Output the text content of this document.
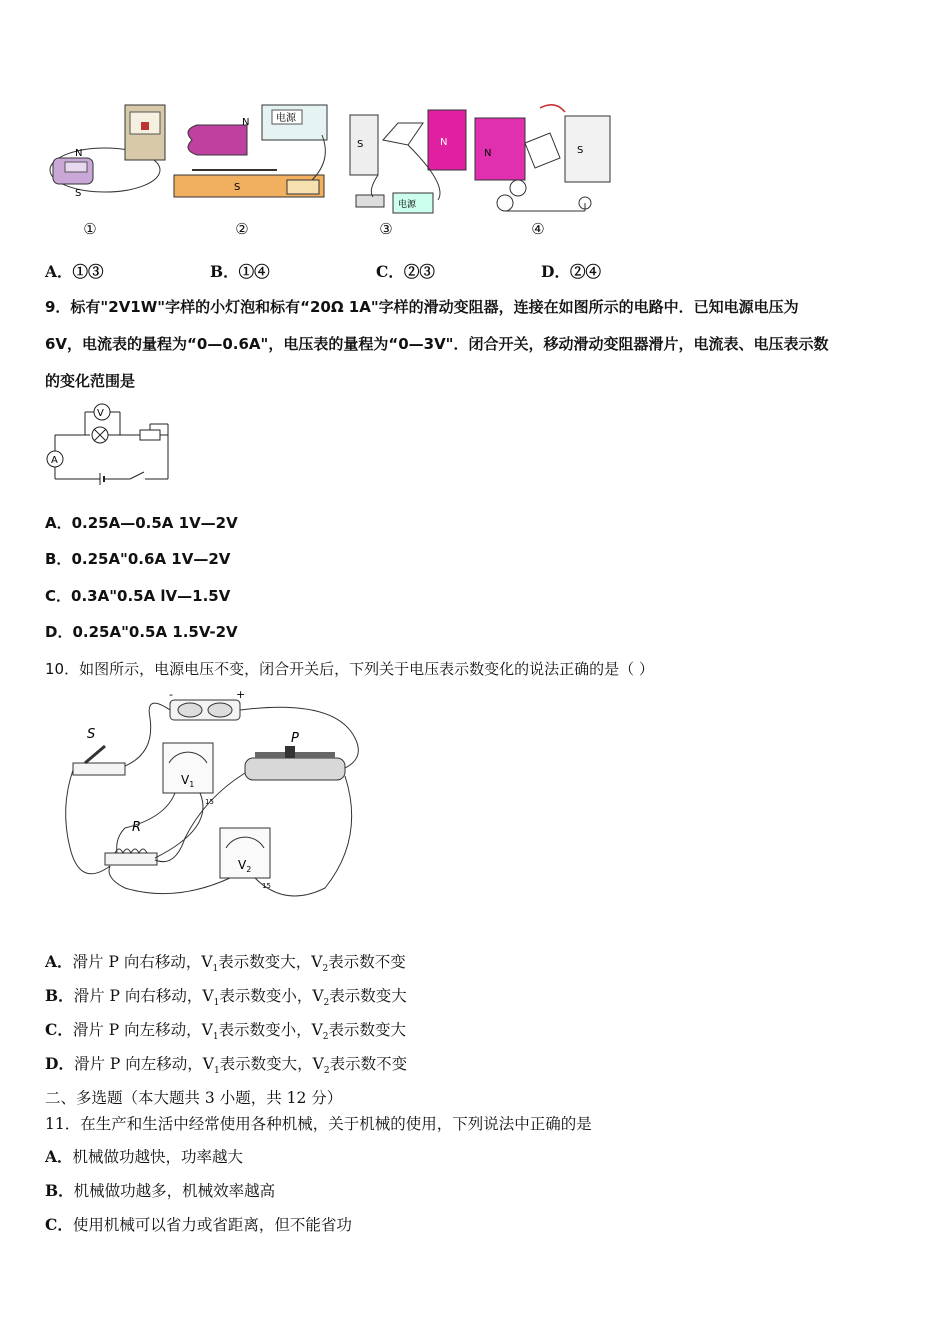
N
S
电源
N
S
S	N
电源
N	S
①	②	③	④
A．①③	B．①④	C．②③	D．②④
9．标有"2V1W"字样的小灯泡和标有“20Ω 1A"字样的滑动变阻器，连接在如图所示的电路中．已知电源电压为
6V，电流表的量程为“0—0.6A"，电压表的量程为“0—3V"．闭合开关，移动滑动变阻器滑片，电流表、电压表示数
的变化范围是
V
A
A．0.25A—0.5A 1V—2V
B．0.25A"0.6A 1V—2V
C．0.3A"0.5A lV—1.5V
D．0.25A"0.5A 1.5V-2V
10．如图所示，电源电压不变，闭合开关后，下列关于电压表示数变化的说法正确的是（ ）
-	+
S
$V_1$
15
P
R
$V_2$
15
A．滑片 P 向右移动，$V_1$表示数变大，$V_2$表示数不变
B．滑片 P 向右移动，$V_1$表示数变小，$V_2$表示数变大
C．滑片 P 向左移动，$V_1$表示数变小，$V_2$表示数变大
D．滑片 P 向左移动，$V_1$表示数变大，$V_2$表示数不变
二、多选题（本大题共 3 小题，共 12 分）
11．在生产和生活中经常使用各种机械，关于机械的使用，下列说法中正确的是
A．机械做功越快，功率越大
B．机械做功越多，机械效率越高
C．使用机械可以省力或省距离，但不能省功
